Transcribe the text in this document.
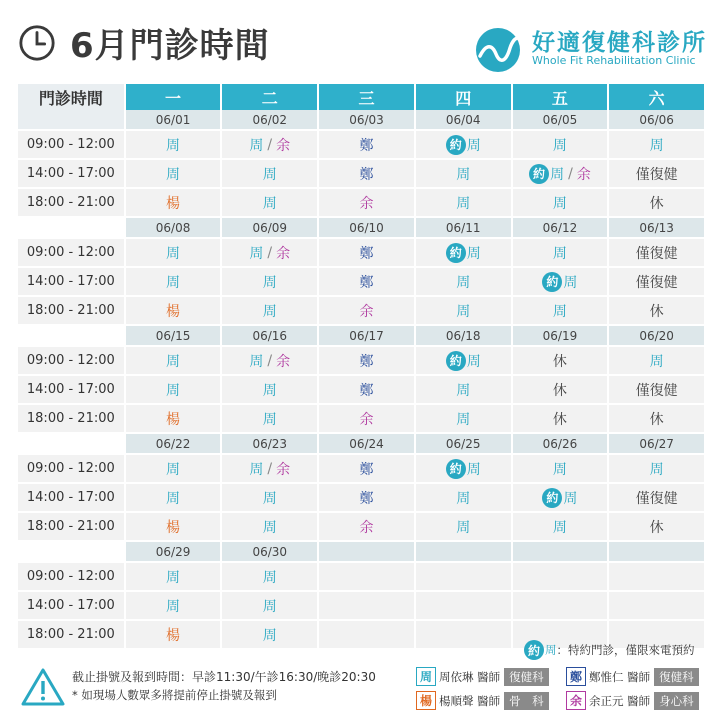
6月門診時間	好適復健科診所
Whole Fit Rehabilitation Clinic
門診時間	一	二	三	四	五	六
06/01	06/02	06/03	06/04	06/05	06/06
09:00 - 12:00	周	周 / 余	鄭	約 周	周	周
14:00 - 17:00	周	周	鄭	周	約 周 / 余	僅復健
18:00 - 21:00	楊	周	余	周	周	休
06/08	06/09	06/10	06/11	06/12	06/13
09:00 - 12:00	周	周 / 余	鄭	約 周	周	僅復健
14:00 - 17:00	周	周	鄭	周	約 周	僅復健
18:00 - 21:00	楊	周	余	周	周	休
06/15	06/16	06/17	06/18	06/19	06/20
09:00 - 12:00	周	周 / 余	鄭	約 周	休	周
14:00 - 17:00	周	周	鄭	周	休	僅復健
18:00 - 21:00	楊	周	余	周	休	休
06/22	06/23	06/24	06/25	06/26	06/27
09:00 - 12:00	周	周 / 余	鄭	約 周	周	周
14:00 - 17:00	周	周	鄭	周	約 周	僅復健
18:00 - 21:00	楊	周	余	周	周	休
06/29	06/30
09:00 - 12:00	周	周
14:00 - 17:00	周	周
18:00 - 21:00	楊	周
約 周 ：特約門診，僅限來電預約
截止掛號及報到時間：早診11:30/午診16:30/晚診20:30
* 如現場人數眾多將提前停止掛號及報到
周 周依琳 醫師 復健科	鄭 鄭惟仁 醫師 復健科
楊 楊順聲 醫師 骨　科	余 余正元 醫師 身心科
